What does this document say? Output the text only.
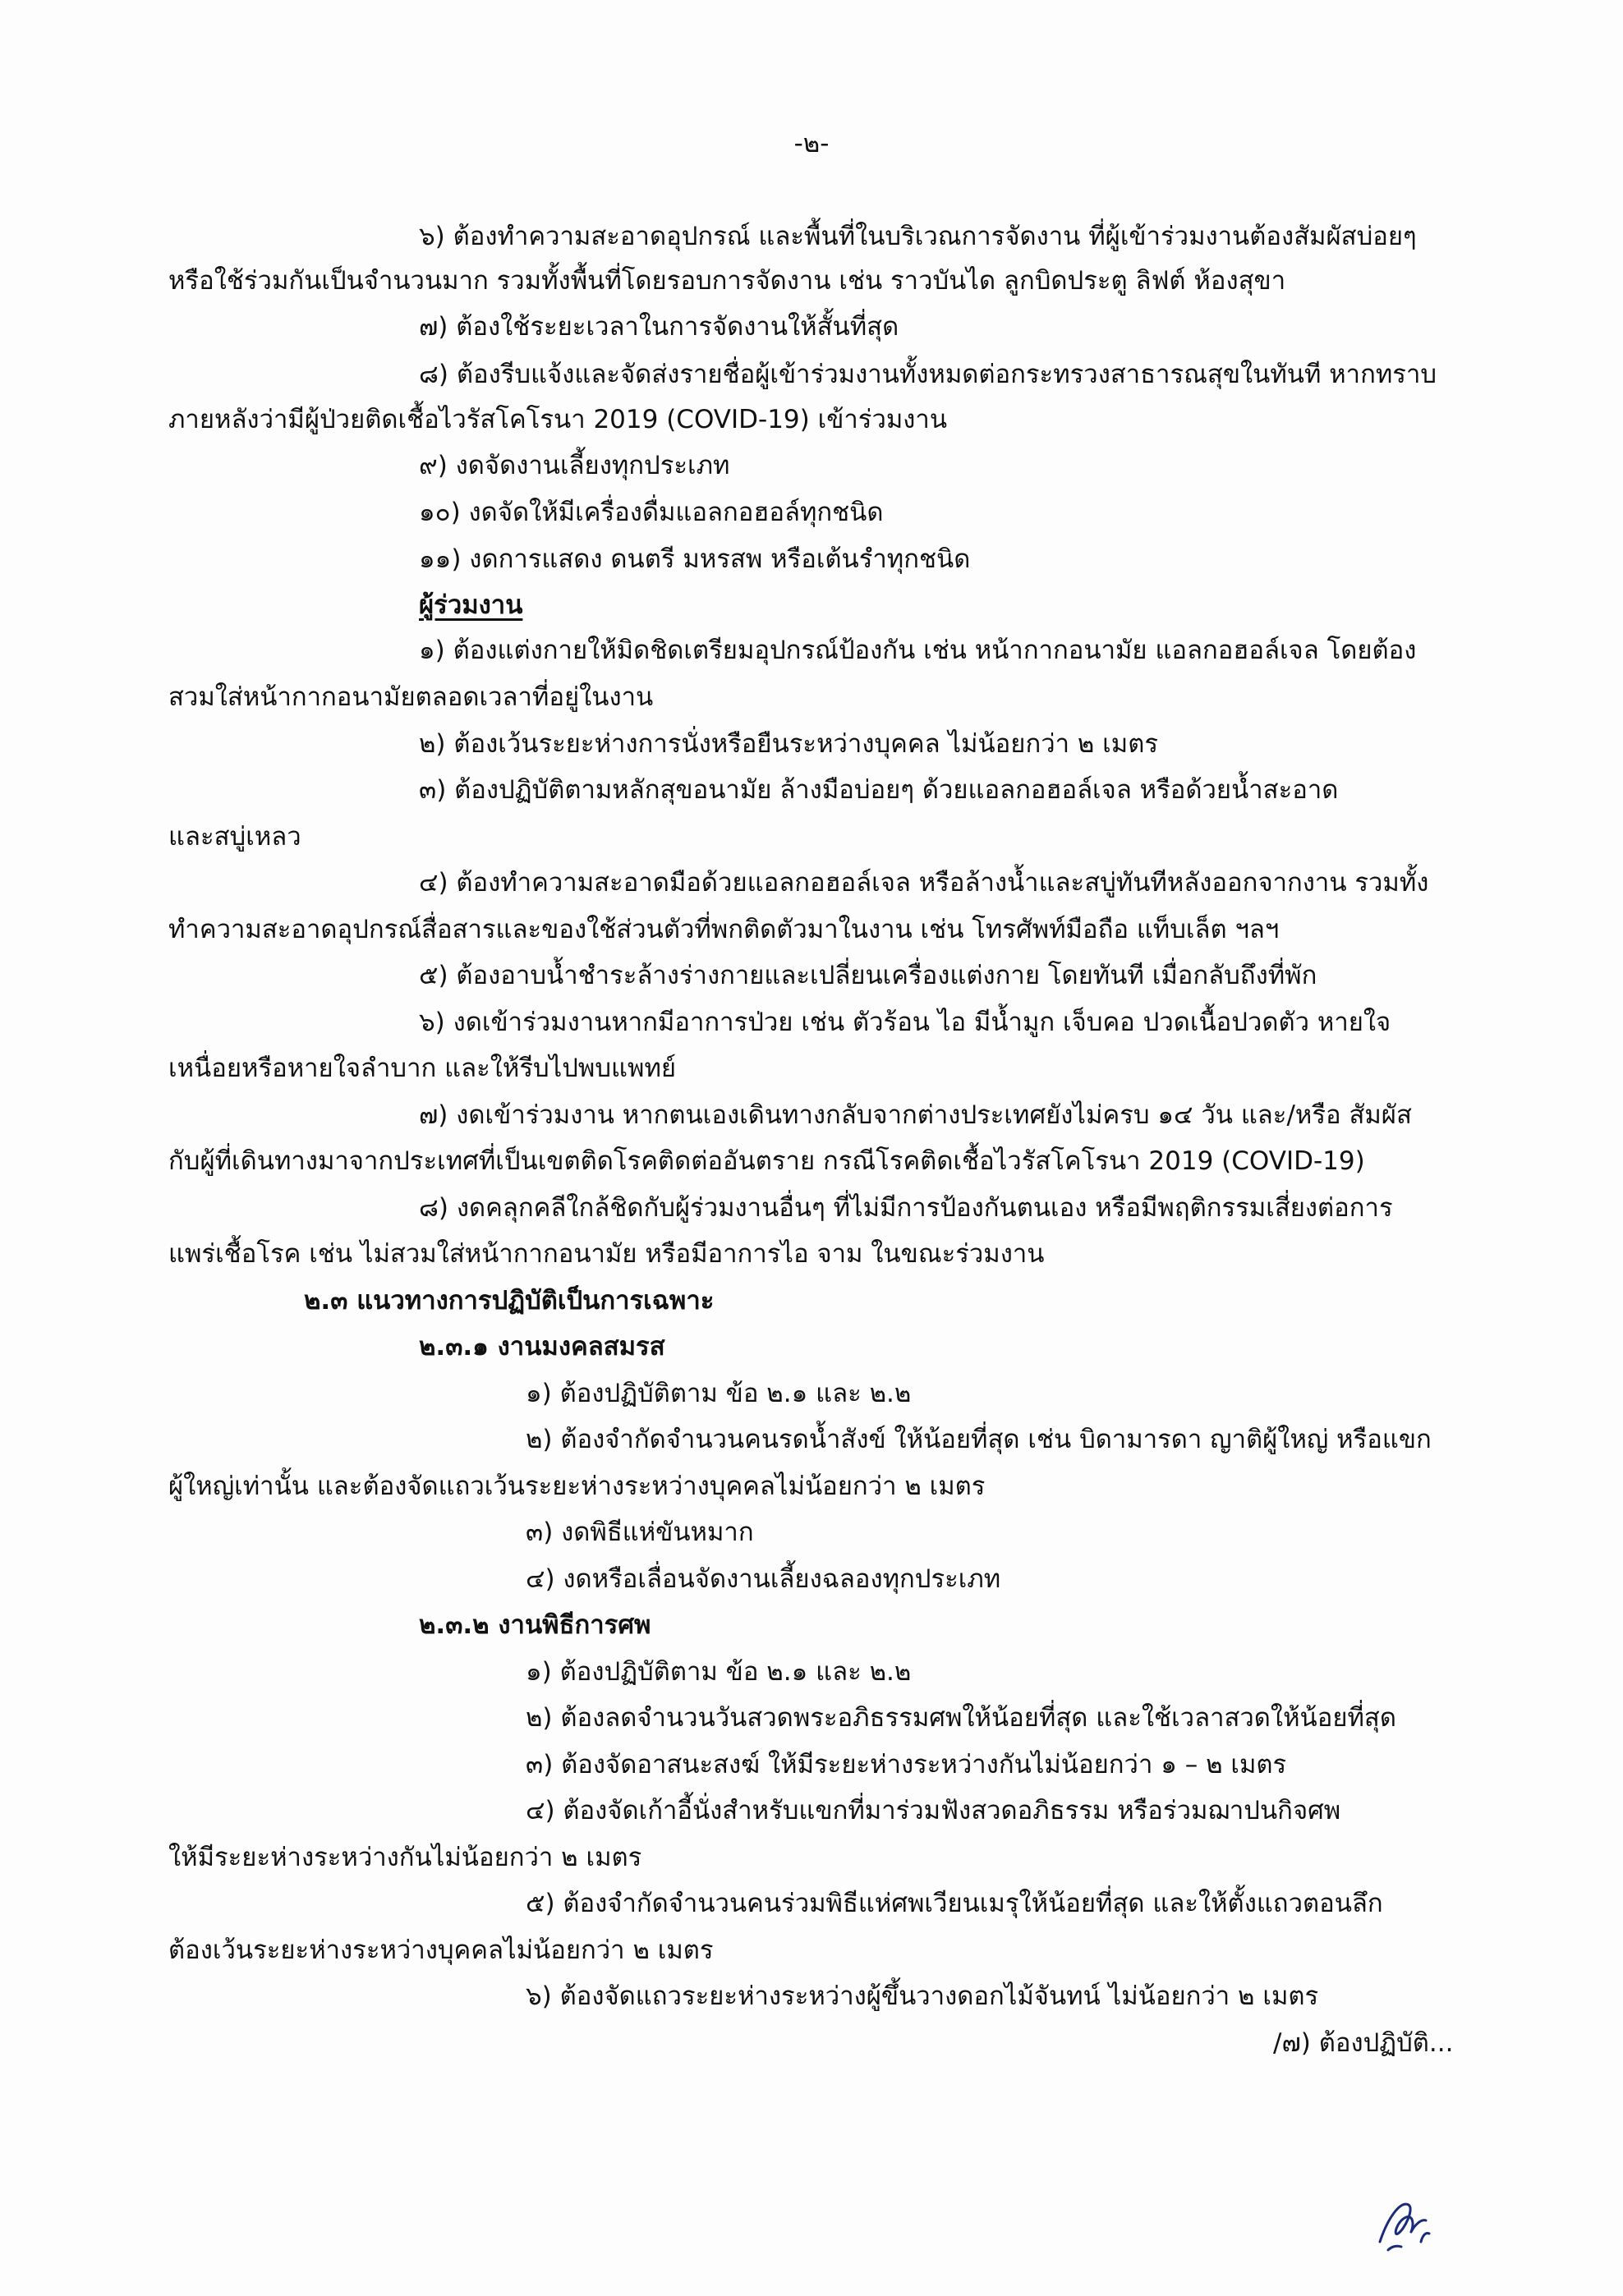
-๒-
๖) ต้องทำความสะอาดอุปกรณ์ และพื้นที่ในบริเวณการจัดงาน ที่ผู้เข้าร่วมงานต้องสัมผัสบ่อยๆ
หรือใช้ร่วมกันเป็นจำนวนมาก รวมทั้งพื้นที่โดยรอบการจัดงาน เช่น ราวบันได ลูกบิดประตู ลิฟต์ ห้องสุขา
๗) ต้องใช้ระยะเวลาในการจัดงานให้สั้นที่สุด
๘) ต้องรีบแจ้งและจัดส่งรายชื่อผู้เข้าร่วมงานทั้งหมดต่อกระทรวงสาธารณสุขในทันที หากทราบ
ภายหลังว่ามีผู้ป่วยติดเชื้อไวรัสโคโรนา 2019 (COVID-19) เข้าร่วมงาน
๙) งดจัดงานเลี้ยงทุกประเภท
๑๐) งดจัดให้มีเครื่องดื่มแอลกอฮอล์ทุกชนิด
๑๑) งดการแสดง ดนตรี มหรสพ หรือเต้นรำทุกชนิด
ผู้ร่วมงาน
๑) ต้องแต่งกายให้มิดชิดเตรียมอุปกรณ์ป้องกัน เช่น หน้ากากอนามัย แอลกอฮอล์เจล โดยต้อง
สวมใส่หน้ากากอนามัยตลอดเวลาที่อยู่ในงาน
๒) ต้องเว้นระยะห่างการนั่งหรือยืนระหว่างบุคคล ไม่น้อยกว่า ๒ เมตร
๓) ต้องปฏิบัติตามหลักสุขอนามัย ล้างมือบ่อยๆ ด้วยแอลกอฮอล์เจล หรือด้วยน้ำสะอาด
และสบู่เหลว
๔) ต้องทำความสะอาดมือด้วยแอลกอฮอล์เจล หรือล้างน้ำและสบู่ทันทีหลังออกจากงาน รวมทั้ง
ทำความสะอาดอุปกรณ์สื่อสารและของใช้ส่วนตัวที่พกติดตัวมาในงาน เช่น โทรศัพท์มือถือ แท็บเล็ต ฯลฯ
๕) ต้องอาบน้ำชำระล้างร่างกายและเปลี่ยนเครื่องแต่งกาย โดยทันที เมื่อกลับถึงที่พัก
๖) งดเข้าร่วมงานหากมีอาการป่วย เช่น ตัวร้อน ไอ มีน้ำมูก เจ็บคอ ปวดเนื้อปวดตัว หายใจ
เหนื่อยหรือหายใจลำบาก และให้รีบไปพบแพทย์
๗) งดเข้าร่วมงาน หากตนเองเดินทางกลับจากต่างประเทศยังไม่ครบ ๑๔ วัน และ/หรือ สัมผัส
กับผู้ที่เดินทางมาจากประเทศที่เป็นเขตติดโรคติดต่ออันตราย กรณีโรคติดเชื้อไวรัสโคโรนา 2019 (COVID-19)
๘) งดคลุกคลีใกล้ชิดกับผู้ร่วมงานอื่นๆ ที่ไม่มีการป้องกันตนเอง หรือมีพฤติกรรมเสี่ยงต่อการ
แพร่เชื้อโรค เช่น ไม่สวมใส่หน้ากากอนามัย หรือมีอาการไอ จาม ในขณะร่วมงาน
๒.๓ แนวทางการปฏิบัติเป็นการเฉพาะ
๒.๓.๑ งานมงคลสมรส
๑) ต้องปฏิบัติตาม ข้อ ๒.๑ และ ๒.๒
๒) ต้องจำกัดจำนวนคนรดน้ำสังข์ ให้น้อยที่สุด เช่น บิดามารดา ญาติผู้ใหญ่ หรือแขก
ผู้ใหญ่เท่านั้น และต้องจัดแถวเว้นระยะห่างระหว่างบุคคลไม่น้อยกว่า ๒ เมตร
๓) งดพิธีแห่ขันหมาก
๔) งดหรือเลื่อนจัดงานเลี้ยงฉลองทุกประเภท
๒.๓.๒ งานพิธีการศพ
๑) ต้องปฏิบัติตาม ข้อ ๒.๑ และ ๒.๒
๒) ต้องลดจำนวนวันสวดพระอภิธรรมศพให้น้อยที่สุด และใช้เวลาสวดให้น้อยที่สุด
๓) ต้องจัดอาสนะสงฆ์ ให้มีระยะห่างระหว่างกันไม่น้อยกว่า ๑ – ๒ เมตร
๔) ต้องจัดเก้าอี้นั่งสำหรับแขกที่มาร่วมฟังสวดอภิธรรม หรือร่วมฌาปนกิจศพ
ให้มีระยะห่างระหว่างกันไม่น้อยกว่า ๒ เมตร
๕) ต้องจำกัดจำนวนคนร่วมพิธีแห่ศพเวียนเมรุให้น้อยที่สุด และให้ตั้งแถวตอนลึก
ต้องเว้นระยะห่างระหว่างบุคคลไม่น้อยกว่า ๒ เมตร
๖) ต้องจัดแถวระยะห่างระหว่างผู้ขึ้นวางดอกไม้จันทน์ ไม่น้อยกว่า ๒ เมตร
/๗) ต้องปฏิบัติ...
